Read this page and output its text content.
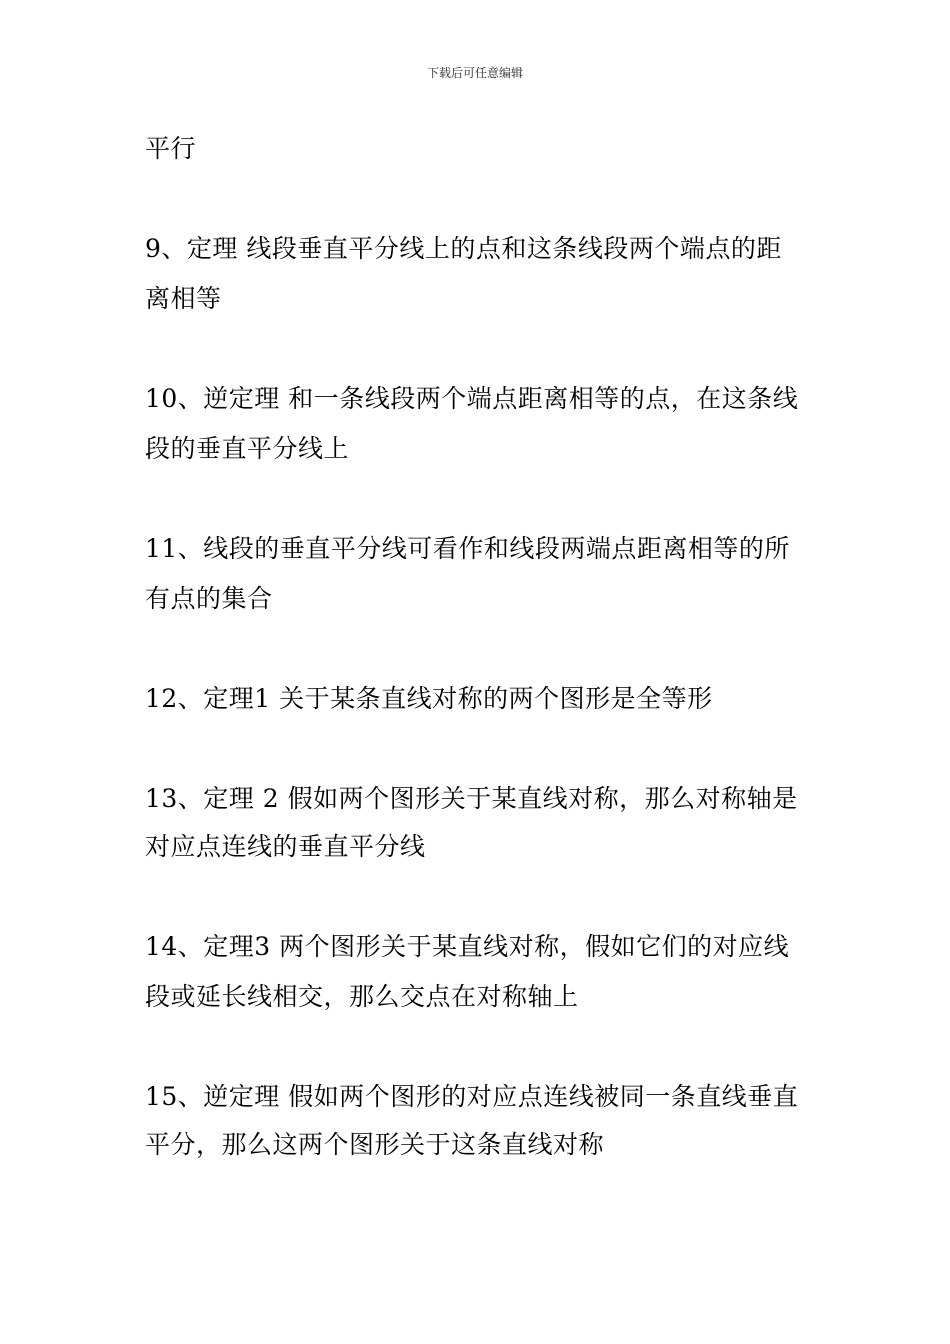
下载后可任意编辑
平行
9、定理 线段垂直平分线上的点和这条线段两个端点的距
离相等
10、逆定理 和一条线段两个端点距离相等的点，在这条线
段的垂直平分线上
11、线段的垂直平分线可看作和线段两端点距离相等的所
有点的集合
12、定理1 关于某条直线对称的两个图形是全等形
13、定理 2 假如两个图形关于某直线对称，那么对称轴是
对应点连线的垂直平分线
14、定理3 两个图形关于某直线对称，假如它们的对应线
段或延长线相交，那么交点在对称轴上
15、逆定理 假如两个图形的对应点连线被同一条直线垂直
平分，那么这两个图形关于这条直线对称
